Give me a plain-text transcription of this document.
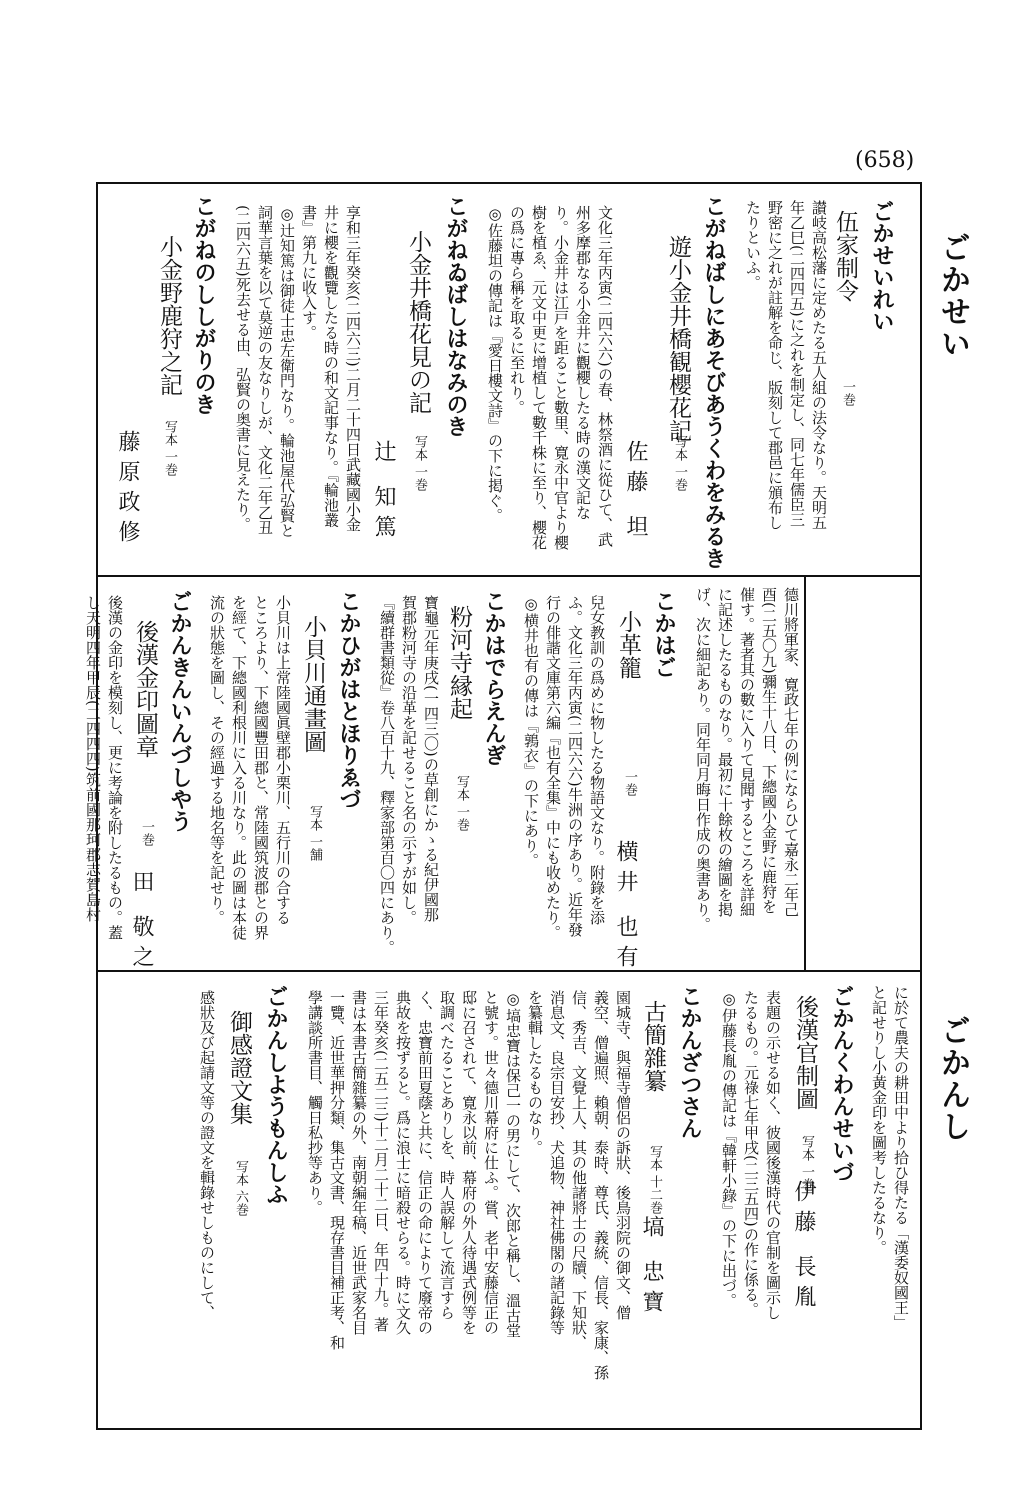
(658)
ごかせい
ごかんし
ごかせいれい
伍家制令
一巻
讃岐高松藩に定めたる五人組の法令なり。天明五
年乙巳(二四四五)に之れを制定し、同七年儒臣三
野密に之れが註解を命じ、版刻して郡邑に頒布し
たりといふ。
こがねばしにあそびあうくわをみるき
遊小金井橋観櫻花記
写本 一巻
佐藤 坦
文化三年丙寅(二四六六)の春、林祭酒に從ひて、武
州多摩郡なる小金井に觀櫻したる時の漢文記な
り。小金井は江戸を距ること數里、寛永中官より櫻
樹を植ゑ、元文中更に增植して數千株に至り、櫻花
の爲に專ら稱を取るに至れり。
◎佐藤坦の傳記は『愛日樓文詩』の下に掲ぐ。
こがねゐばしはなみのき
小金井橋花見の記
写本 一巻
辻 知篤
享和三年癸亥(二四六三)二月二十四日武藏國小金
井に櫻を觀覽したる時の和文記事なり。『輪池叢
書』第九に收入す。
◎辻知篤は御徒士忠左衛門なり。輪池屋代弘賢と
詞華言葉を以て莫逆の友なりしが、文化二年乙丑
(二四六五)死去せる由、弘賢の奥書に見えたり。
こがねのししがりのき
小金野鹿狩之記
写本 一巻
藤原政修
德川將軍家、寛政七年の例にならひて嘉永二年己
酉(二五〇九)彌生十八日、下總國小金野に鹿狩を
催す。著者其の數に入りて見聞するところを詳細
に記述したるものなり。最初に十餘枚の繪圖を掲
げ、次に細記あり。同年同月晦日作成の奥書あり。
こかはご
小革籠
一巻
横井 也有
兒女教訓の爲めに物したる物語文なり。附錄を添
ふ。文化三年丙寅(二四六六)牛洲の序あり。近年發
行の俳諧文庫第六編『也有全集』中にも收めたり。
◎横井也有の傳は『鶉衣』の下にあり。
こかはでらえんぎ
粉河寺縁起
写本 一巻
寶龜元年庚戌(一四三〇)の草創にかゝる紀伊國那
賀郡粉河寺の沿革を記せること名の示すが如し。
『續群書類從』卷八百十九、釋家部第百〇四にあり。
こかひがはとほりゑづ
小貝川通畫圖
写本 一舗
小貝川は上常陸國眞壁郡小栗川、五行川の合する
ところより、下總國豐田郡と、常陸國筑波郡との界
を經て、下總國利根川に入る川なり。此の圖は本徒
流の狀態を圖し、その經過する地名等を記せり。
ごかんきんいんづしやう
後漢金印圖章
一巻
田 敬之
後漢の金印を模刻し、更に考論を附したるもの。蓋
し天明四年甲辰(二四四四)筑前國那珂郡志賀島村
に於て農夫の耕田中より拾ひ得たる「漢委奴國王」
と記せりし小黃金印を圖考したるなり。
ごかんくわんせいづ
後漢官制圖
写本 一巻
伊藤 長胤
表題の示せる如く、彼國後漢時代の官制を圖示し
たるもの。元祿七年甲戌(二三五四)の作に係る。
◎伊藤長胤の傳記は『韓軒小錄』の下に出づ。
こかんざつさん
古簡雜纂
写本 十二巻
塙 忠寶
園城寺、與福寺僧侶の訴狀、後鳥羽院の御文、僧
義空、僧遍照、賴朝、泰時、尊氏、義統、信長、家康、孫
信、秀吉、文覺上人、其の他諸將士の尺牘、下知狀、
消息文、良宗目安抄、犬追物、神社佛閣の諸記錄等
を纂輯したるものなり。
◎塙忠寶は保己一の男にして、次郎と稱し、溫古堂
と號す。世々德川幕府に仕ふ。嘗、老中安藤信正の
邸に召されて、寛永以前、幕府の外人待遇式例等を
取調べたることありしを、時人誤解して流言すら
く、忠寶前田夏蔭と共に、信正の命によりて廢帝の
典故を按ずると。爲に浪士に暗殺せらる。時に文久
三年癸亥(二五二三)十二月二十二日、年四十九。著
書は本書古簡雜纂の外、南朝編年稿、近世武家名目
一覽、近世華押分類、集古文書、現存書目補正考、和
學講談所書目、觸日私抄等あり。
ごかんしようもんしふ
御感證文集
写本 六巻
感狀及び起請文等の證文を輯錄せしものにして、
